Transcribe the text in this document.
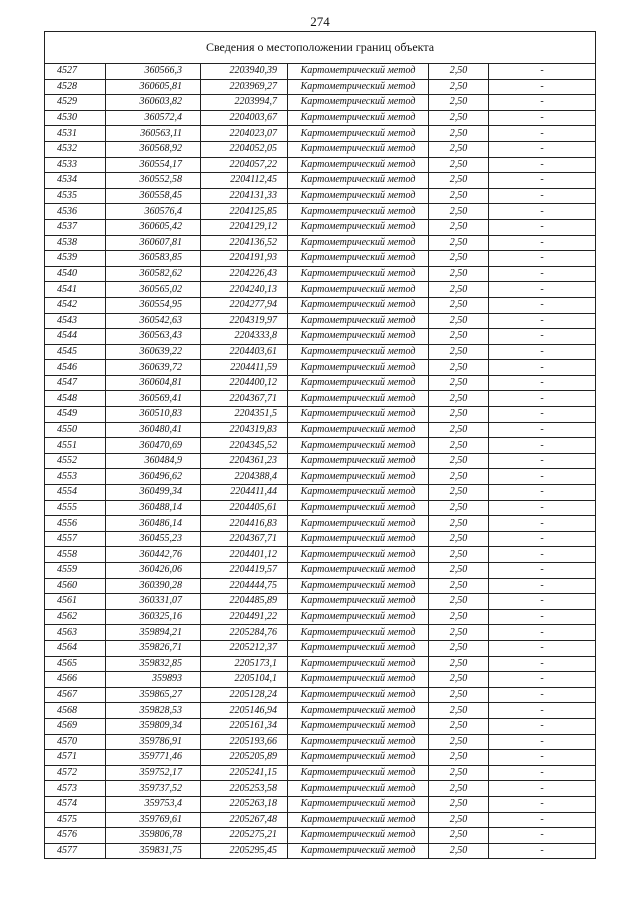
274
Сведения о местоположении границ объекта
4527	360566,3	2203940,39	Картометрический метод	2,50	-
4528	360605,81	2203969,27	Картометрический метод	2,50	-
4529	360603,82	2203994,7	Картометрический метод	2,50	-
4530	360572,4	2204003,67	Картометрический метод	2,50	-
4531	360563,11	2204023,07	Картометрический метод	2,50	-
4532	360568,92	2204052,05	Картометрический метод	2,50	-
4533	360554,17	2204057,22	Картометрический метод	2,50	-
4534	360552,58	2204112,45	Картометрический метод	2,50	-
4535	360558,45	2204131,33	Картометрический метод	2,50	-
4536	360576,4	2204125,85	Картометрический метод	2,50	-
4537	360605,42	2204129,12	Картометрический метод	2,50	-
4538	360607,81	2204136,52	Картометрический метод	2,50	-
4539	360583,85	2204191,93	Картометрический метод	2,50	-
4540	360582,62	2204226,43	Картометрический метод	2,50	-
4541	360565,02	2204240,13	Картометрический метод	2,50	-
4542	360554,95	2204277,94	Картометрический метод	2,50	-
4543	360542,63	2204319,97	Картометрический метод	2,50	-
4544	360563,43	2204333,8	Картометрический метод	2,50	-
4545	360639,22	2204403,61	Картометрический метод	2,50	-
4546	360639,72	2204411,59	Картометрический метод	2,50	-
4547	360604,81	2204400,12	Картометрический метод	2,50	-
4548	360569,41	2204367,71	Картометрический метод	2,50	-
4549	360510,83	2204351,5	Картометрический метод	2,50	-
4550	360480,41	2204319,83	Картометрический метод	2,50	-
4551	360470,69	2204345,52	Картометрический метод	2,50	-
4552	360484,9	2204361,23	Картометрический метод	2,50	-
4553	360496,62	2204388,4	Картометрический метод	2,50	-
4554	360499,34	2204411,44	Картометрический метод	2,50	-
4555	360488,14	2204405,61	Картометрический метод	2,50	-
4556	360486,14	2204416,83	Картометрический метод	2,50	-
4557	360455,23	2204367,71	Картометрический метод	2,50	-
4558	360442,76	2204401,12	Картометрический метод	2,50	-
4559	360426,06	2204419,57	Картометрический метод	2,50	-
4560	360390,28	2204444,75	Картометрический метод	2,50	-
4561	360331,07	2204485,89	Картометрический метод	2,50	-
4562	360325,16	2204491,22	Картометрический метод	2,50	-
4563	359894,21	2205284,76	Картометрический метод	2,50	-
4564	359826,71	2205212,37	Картометрический метод	2,50	-
4565	359832,85	2205173,1	Картометрический метод	2,50	-
4566	359893	2205104,1	Картометрический метод	2,50	-
4567	359865,27	2205128,24	Картометрический метод	2,50	-
4568	359828,53	2205146,94	Картометрический метод	2,50	-
4569	359809,34	2205161,34	Картометрический метод	2,50	-
4570	359786,91	2205193,66	Картометрический метод	2,50	-
4571	359771,46	2205205,89	Картометрический метод	2,50	-
4572	359752,17	2205241,15	Картометрический метод	2,50	-
4573	359737,52	2205253,58	Картометрический метод	2,50	-
4574	359753,4	2205263,18	Картометрический метод	2,50	-
4575	359769,61	2205267,48	Картометрический метод	2,50	-
4576	359806,78	2205275,21	Картометрический метод	2,50	-
4577	359831,75	2205295,45	Картометрический метод	2,50	-
